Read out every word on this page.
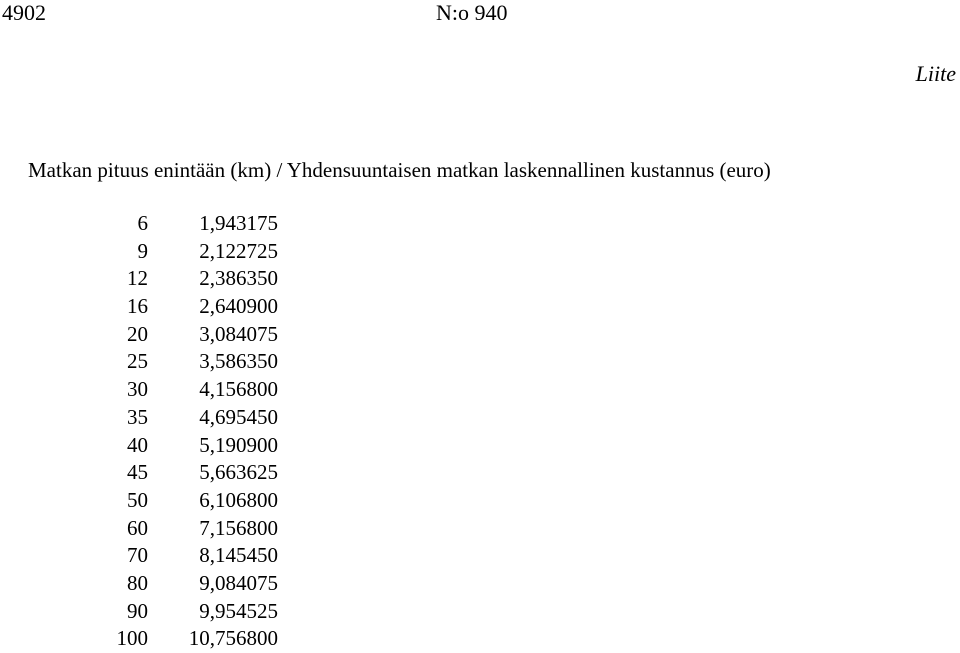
4902	N:o 940
Liite
Matkan pituus enintään (km) / Yhdensuuntaisen matkan laskennallinen kustannus (euro)
6 1,943175
9 2,122725
12 2,386350
16 2,640900
20 3,084075
25 3,586350
30 4,156800
35 4,695450
40 5,190900
45 5,663625
50 6,106800
60 7,156800
70 8,145450
80 9,084075
90 9,954525
100 10,756800
